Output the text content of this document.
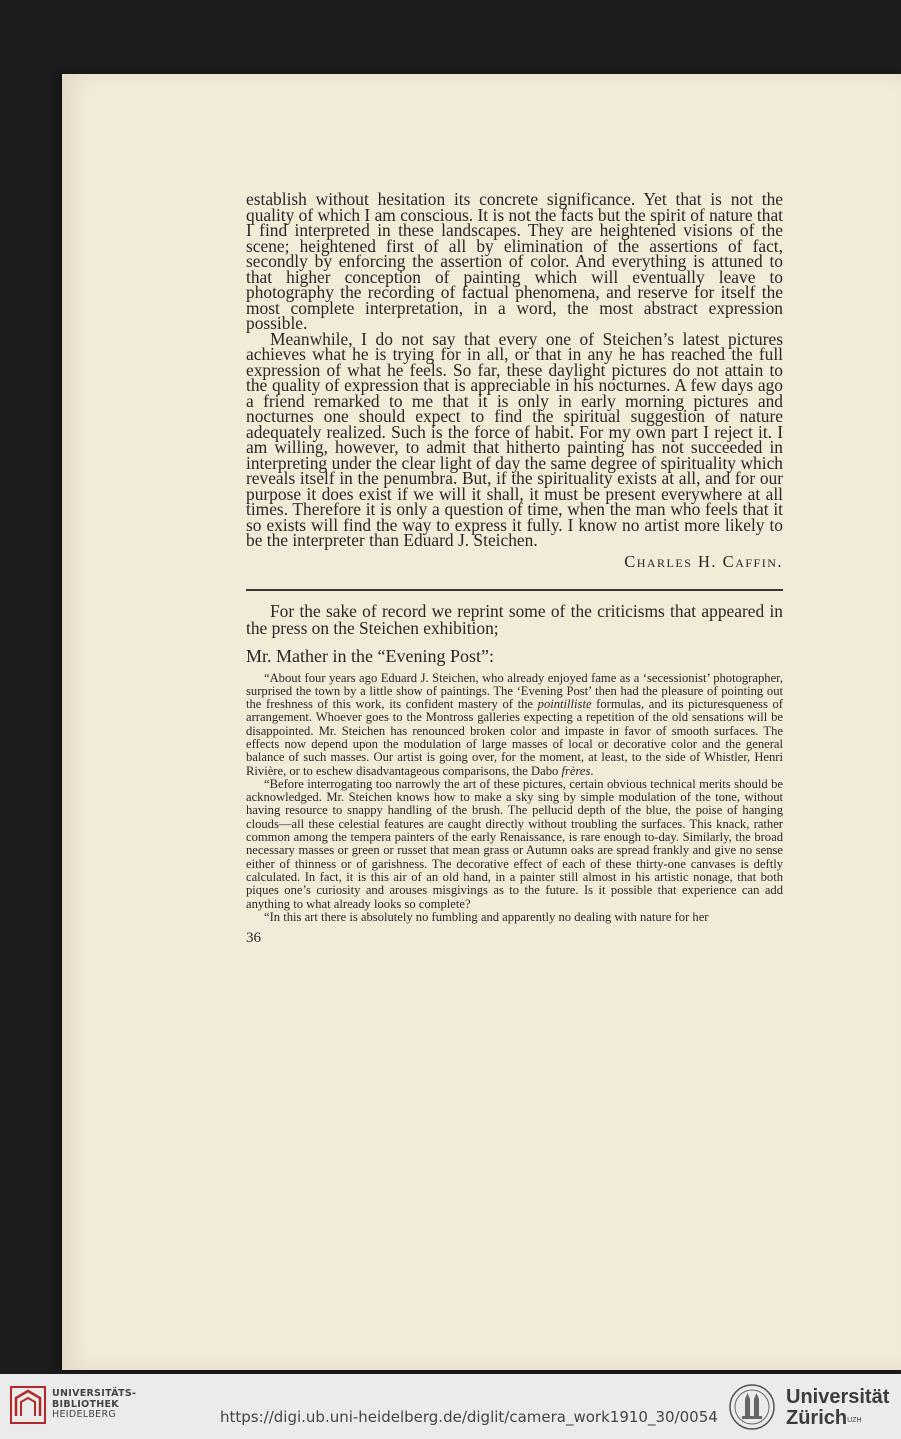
establish without hesitation its concrete significance. Yet that is not the quality of which I am conscious. It is not the facts but the spirit of nature that I find interpreted in these landscapes. They are heightened visions of the scene; heightened first of all by elimination of the assertions of fact, secondly by enforcing the assertion of color. And everything is attuned to that higher conception of painting which will eventually leave to photography the recording of factual phenomena, and reserve for itself the most complete interpretation, in a word, the most abstract expression possible.

Meanwhile, I do not say that every one of Steichen’s latest pictures achieves what he is trying for in all, or that in any he has reached the full expression of what he feels. So far, these daylight pictures do not attain to the quality of expression that is appreciable in his nocturnes. A few days ago a friend remarked to me that it is only in early morning pictures and nocturnes one should expect to find the spiritual suggestion of nature adequately realized. Such is the force of habit. For my own part I reject it. I am willing, however, to admit that hitherto painting has not succeeded in interpreting under the clear light of day the same degree of spirituality which reveals itself in the penumbra. But, if the spirituality exists at all, and for our purpose it does exist if we will it shall, it must be present everywhere at all times. Therefore it is only a question of time, when the man who feels that it so exists will find the way to express it fully. I know no artist more likely to be the interpreter than Eduard J. Steichen.

Charles H. Caffin.

For the sake of record we reprint some of the criticisms that appeared in the press on the Steichen exhibition;

Mr. Mather in the “Evening Post”:

“About four years ago Eduard J. Steichen, who already enjoyed fame as a ‘secessionist’ photographer, surprised the town by a little show of paintings. The ‘Evening Post’ then had the pleasure of pointing out the freshness of this work, its confident mastery of the pointilliste formulas, and its picturesqueness of arrangement. Whoever goes to the Montross galleries expecting a repetition of the old sensations will be disappointed. Mr. Steichen has renounced broken color and impaste in favor of smooth surfaces. The effects now depend upon the modulation of large masses of local or decorative color and the general balance of such masses. Our artist is going over, for the moment, at least, to the side of Whistler, Henri Rivière, or to eschew disadvantageous comparisons, the Dabo frères.

“Before interrogating too narrowly the art of these pictures, certain obvious technical merits should be acknowledged. Mr. Steichen knows how to make a sky sing by simple modulation of the tone, without having resource to snappy handling of the brush. The pellucid depth of the blue, the poise of hanging clouds—all these celestial features are caught directly without troubling the surfaces. This knack, rather common among the tempera painters of the early Renaissance, is rare enough to-day. Similarly, the broad necessary masses or green or russet that mean grass or Autumn oaks are spread frankly and give no sense either of thinness or of garishness. The decorative effect of each of these thirty-one canvases is deftly calculated. In fact, it is this air of an old hand, in a painter still almost in his artistic nonage, that both piques one’s curiosity and arouses misgivings as to the future. Is it possible that experience can add anything to what already looks so complete?

“In this art there is absolutely no fumbling and apparently no dealing with nature for her

36
UNIVERSITÄTS-
BIBLIOTHEK
HEIDELBERG	https://digi.ub.uni-heidelberg.de/diglit/camera_work1910_30/0054
Universität
Zürich$^{UZH}$
